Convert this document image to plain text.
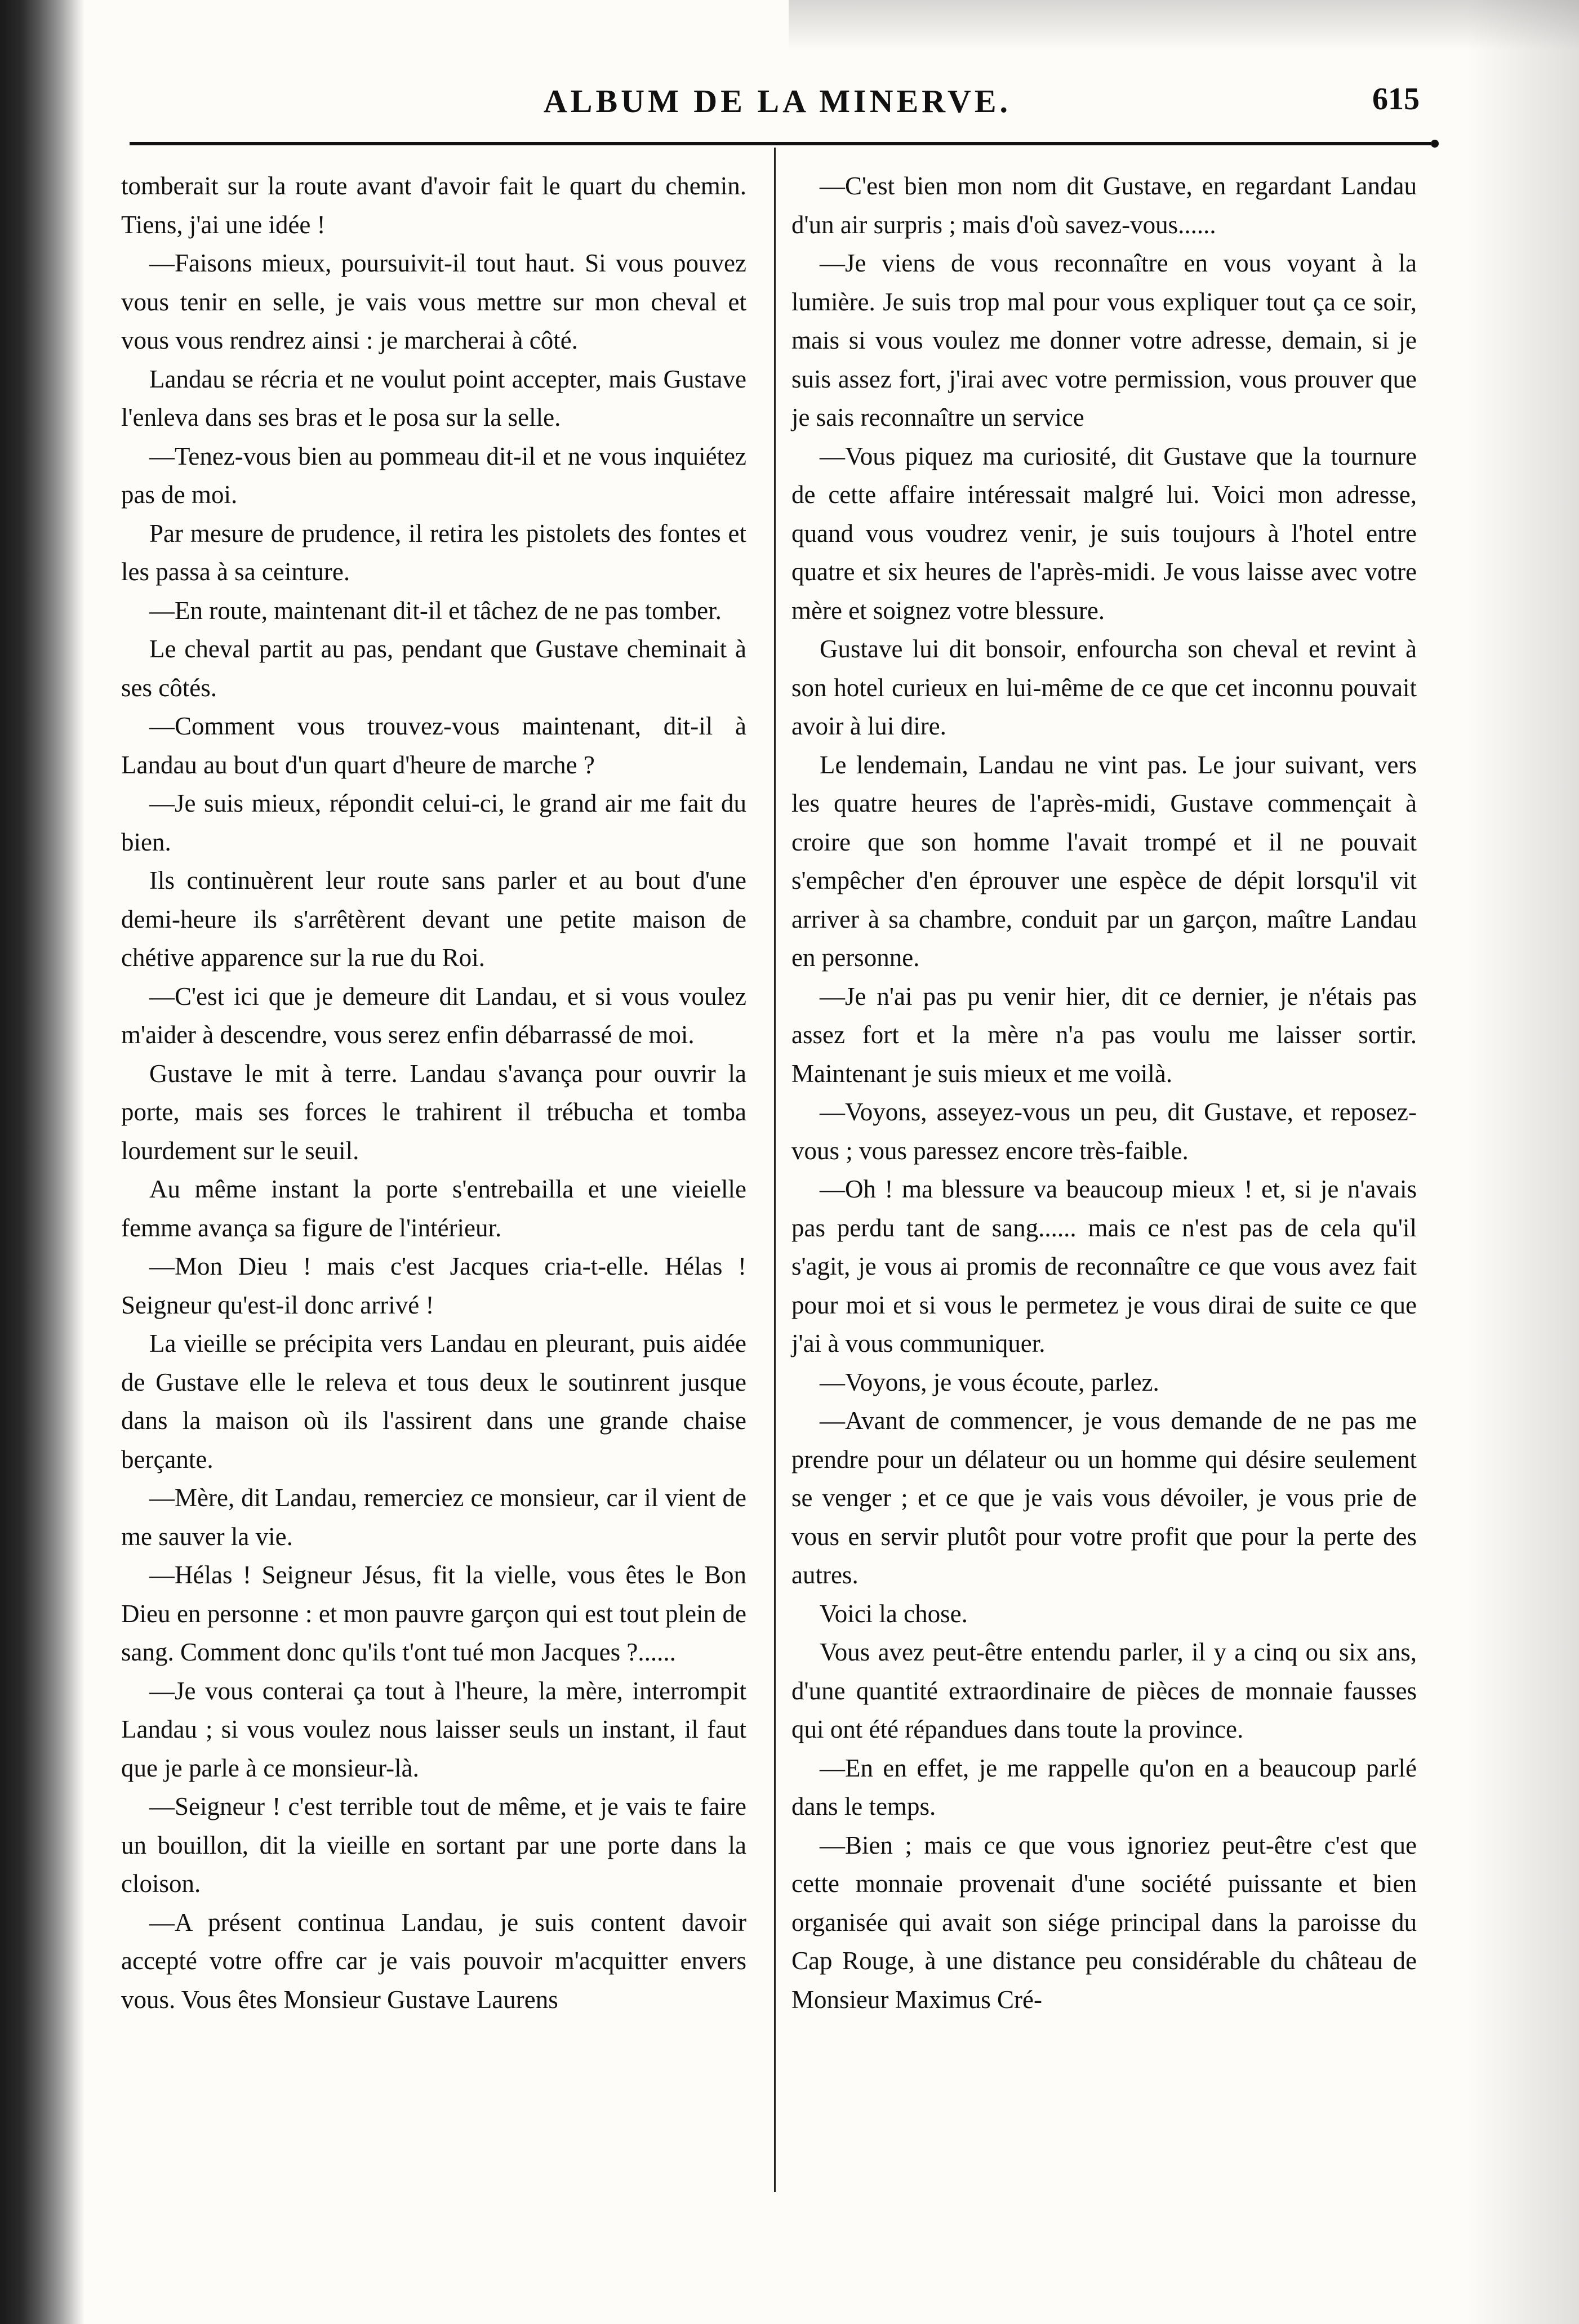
ALBUM DE LA MINERVE.	615

tomberait sur la route avant d'avoir fait le quart du chemin. Tiens, j'ai une idée !

—Faisons mieux, poursuivit-il tout haut. Si vous pouvez vous tenir en selle, je vais vous mettre sur mon cheval et vous vous rendrez ainsi : je marcherai à côté.

Landau se récria et ne voulut point accepter, mais Gustave l'enleva dans ses bras et le posa sur la selle.

—Tenez-vous bien au pommeau dit-il et ne vous inquiétez pas de moi.

Par mesure de prudence, il retira les pistolets des fontes et les passa à sa ceinture.

—En route, maintenant dit-il et tâchez de ne pas tomber.

Le cheval partit au pas, pendant que Gustave cheminait à ses côtés.

—Comment vous trouvez-vous maintenant, dit-il à Landau au bout d'un quart d'heure de marche ?

—Je suis mieux, répondit celui-ci, le grand air me fait du bien.

Ils continuèrent leur route sans parler et au bout d'une demi-heure ils s'arrêtèrent devant une petite maison de chétive apparence sur la rue du Roi.

—C'est ici que je demeure dit Landau, et si vous voulez m'aider à descendre, vous serez enfin débarrassé de moi.

Gustave le mit à terre. Landau s'avança pour ouvrir la porte, mais ses forces le trahirent il trébucha et tomba lourdement sur le seuil.

Au même instant la porte s'entrebailla et une vieielle femme avança sa figure de l'intérieur.

—Mon Dieu ! mais c'est Jacques cria-t-elle. Hélas ! Seigneur qu'est-il donc arrivé !

La vieille se précipita vers Landau en pleurant, puis aidée de Gustave elle le releva et tous deux le soutinrent jusque dans la maison où ils l'assirent dans une grande chaise berçante.

—Mère, dit Landau, remerciez ce monsieur, car il vient de me sauver la vie.

—Hélas ! Seigneur Jésus, fit la vielle, vous êtes le Bon Dieu en personne : et mon pauvre garçon qui est tout plein de sang. Comment donc qu'ils t'ont tué mon Jacques ?......

—Je vous conterai ça tout à l'heure, la mère, interrompit Landau ; si vous voulez nous laisser seuls un instant, il faut que je parle à ce monsieur-là.

—Seigneur ! c'est terrible tout de même, et je vais te faire un bouillon, dit la vieille en sortant par une porte dans la cloison.

—A présent continua Landau, je suis content davoir accepté votre offre car je vais pouvoir m'acquitter envers vous. Vous êtes Monsieur Gustave Laurens

—C'est bien mon nom dit Gustave, en regardant Landau d'un air surpris ; mais d'où savez-vous......

—Je viens de vous reconnaître en vous voyant à la lumière. Je suis trop mal pour vous expliquer tout ça ce soir, mais si vous voulez me donner votre adresse, demain, si je suis assez fort, j'irai avec votre permission, vous prouver que je sais reconnaître un service

—Vous piquez ma curiosité, dit Gustave que la tournure de cette affaire intéressait malgré lui. Voici mon adresse, quand vous voudrez venir, je suis toujours à l'hotel entre quatre et six heures de l'après-midi. Je vous laisse avec votre mère et soignez votre blessure.

Gustave lui dit bonsoir, enfourcha son cheval et revint à son hotel curieux en lui-même de ce que cet inconnu pouvait avoir à lui dire.

Le lendemain, Landau ne vint pas. Le jour suivant, vers les quatre heures de l'après-midi, Gustave commençait à croire que son homme l'avait trompé et il ne pouvait s'empêcher d'en éprouver une espèce de dépit lorsqu'il vit arriver à sa chambre, conduit par un garçon, maître Landau en personne.

—Je n'ai pas pu venir hier, dit ce dernier, je n'étais pas assez fort et la mère n'a pas voulu me laisser sortir. Maintenant je suis mieux et me voilà.

—Voyons, asseyez-vous un peu, dit Gustave, et reposez-vous ; vous paressez encore très-faible.

—Oh ! ma blessure va beaucoup mieux ! et, si je n'avais pas perdu tant de sang...... mais ce n'est pas de cela qu'il s'agit, je vous ai promis de reconnaître ce que vous avez fait pour moi et si vous le permetez je vous dirai de suite ce que j'ai à vous communiquer.

—Voyons, je vous écoute, parlez.

—Avant de commencer, je vous demande de ne pas me prendre pour un délateur ou un homme qui désire seulement se venger ; et ce que je vais vous dévoiler, je vous prie de vous en servir plutôt pour votre profit que pour la perte des autres.

Voici la chose.

Vous avez peut-être entendu parler, il y a cinq ou six ans, d'une quantité extraordinaire de pièces de monnaie fausses qui ont été répandues dans toute la province.

—En en effet, je me rappelle qu'on en a beaucoup parlé dans le temps.

—Bien ; mais ce que vous ignoriez peut-être c'est que cette monnaie provenait d'une société puissante et bien organisée qui avait son siége principal dans la paroisse du Cap Rouge, à une distance peu considérable du château de Monsieur Maximus Cré-
